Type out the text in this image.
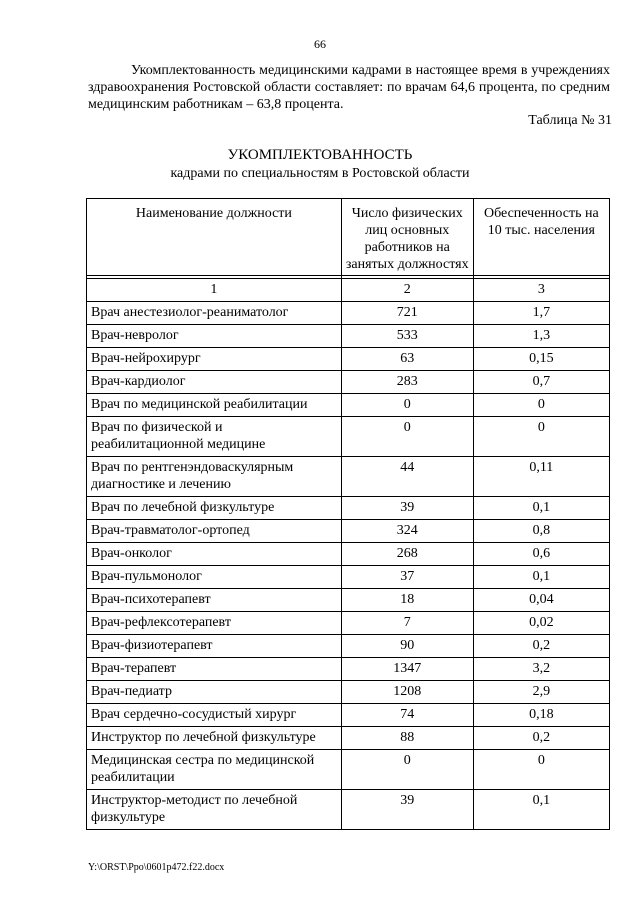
66

Укомплектованность медицинскими кадрами в настоящее время в учреждениях здравоохранения Ростовской области составляет: по врачам 64,6 процента, по средним медицинским работникам – 63,8 процента.

Таблица № 31
УКОМПЛЕКТОВАННОСТЬ
кадрами по специальностям в Ростовской области
Наименование должности	Число физических лиц основных работников на занятых должностях	Обеспеченность на 10 тыс. населения

1	2	3
Врач анестезиолог-реаниматолог	721	1,7
Врач-невролог	533	1,3
Врач-нейрохирург	63	0,15
Врач-кардиолог	283	0,7
Врач по медицинской реабилитации	0	0
Врач по физической и реабилитационной медицине	0	0
Врач по рентгенэндоваскулярным диагностике и лечению	44	0,11
Врач по лечебной физкультуре	39	0,1
Врач-травматолог-ортопед	324	0,8
Врач-онколог	268	0,6
Врач-пульмонолог	37	0,1
Врач-психотерапевт	18	0,04
Врач-рефлексотерапевт	7	0,02
Врач-физиотерапевт	90	0,2
Врач-терапевт	1347	3,2
Врач-педиатр	1208	2,9
Врач сердечно-сосудистый хирург	74	0,18
Инструктор по лечебной физкультуре	88	0,2
Медицинская сестра по медицинской реабилитации	0	0
Инструктор-методист по лечебной физкультуре	39	0,1
Y:\ORST\Ppo\0601p472.f22.docx
